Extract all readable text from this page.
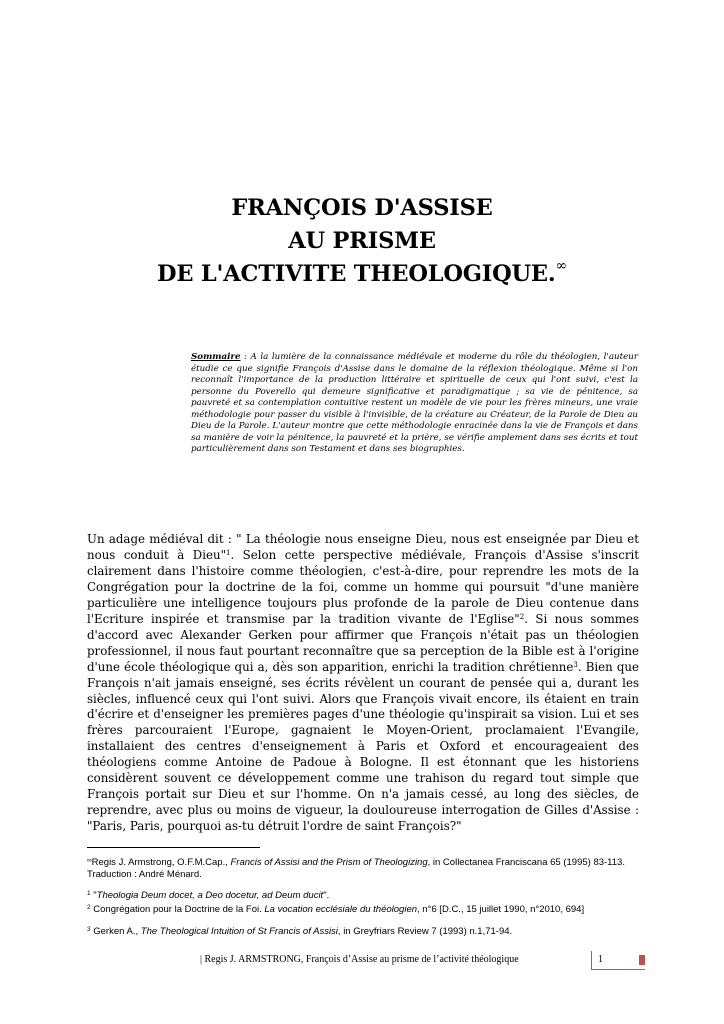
FRANÇOIS D'ASSISE
AU PRISME
DE L'ACTIVITE THEOLOGIQUE.∞
Sommaire : A la lumière de la connaissance médiévale et moderne du rôle du théologien, l'auteur étudie ce que signifie François d'Assise dans le domaine de la réflexion théologique. Même si l'on reconnaît l'importance de la production littéraire et spirituelle de ceux qui l'ont suivi, c'est la personne du Poverello qui demeure significative et paradigmatique ; sa vie de pénitence, sa pauvreté et sa contemplation contuitive restent un modèle de vie pour les frères mineurs, une vraie méthodologie pour passer du visible à l'invisible, de la créature au Créateur, de la Parole de Dieu au Dieu de la Parole. L'auteur montre que cette méthodologie enracinée dans la vie de François et dans sa manière de voir la pénitence, la pauvreté et la prière, se vérifie amplement dans ses écrits et tout particulièrement dans son Testament et dans ses biographies.

Un adage médiéval dit : " La théologie nous enseigne Dieu, nous est enseignée par Dieu et nous conduit à Dieu"$^1$. Selon cette perspective médiévale, François d'Assise s'inscrit clairement dans l'histoire comme théologien, c'est-à-dire, pour reprendre les mots de la Congrégation pour la doctrine de la foi, comme un homme qui poursuit "d'une manière particulière une intelligence toujours plus profonde de la parole de Dieu contenue dans l'Ecriture inspirée et transmise par la tradition vivante de l'Eglise"$^2$. Si nous sommes d'accord avec Alexander Gerken pour affirmer que François n'était pas un théologien professionnel, il nous faut pourtant reconnaître que sa perception de la Bible est à l'origine d'une école théologique qui a, dès son apparition, enrichi la tradition chrétienne$^3$. Bien que François n'ait jamais enseigné, ses écrits révèlent un courant de pensée qui a, durant les siècles, influencé ceux qui l'ont suivi. Alors que François vivait encore, ils étaient en train d'écrire et d'enseigner les premières pages d'une théologie qu'inspirait sa vision. Lui et ses frères parcouraient l'Europe, gagnaient le Moyen-Orient, proclamaient l'Evangile, installaient des centres d'enseignement à Paris et Oxford et encourageaient des théologiens comme Antoine de Padoue à Bologne. Il est étonnant que les historiens considèrent souvent ce développement comme une trahison du regard tout simple que François portait sur Dieu et sur l'homme. On n'a jamais cessé, au long des siècles, de reprendre, avec plus ou moins de vigueur, la douloureuse interrogation de Gilles d'Assise : "Paris, Paris, pourquoi as-tu détruit l'ordre de saint François?"

∞Regis J. Armstrong, O.F.M.Cap., Francis of Assisi and the Prism of Theologizing, in Collectanea Franciscana 65 (1995) 83-113. Traduction : André Ménard.

$^1$ "Theologia Deum docet, a Deo docetur, ad Deum ducit".

$^2$ Congrégation pour la Doctrine de la Foi. La vocation ecclésiale du théologien, n°6 [D.C., 15 juillet 1990, n°2010, 694]

$^3$ Gerken A., The Theological Intuition of St Francis of Assisi, in Greyfriars Review 7 (1993) n.1,71-94.

| Regis J. ARMSTRONG, François d’Assise au prisme de l’activité théologique	1
